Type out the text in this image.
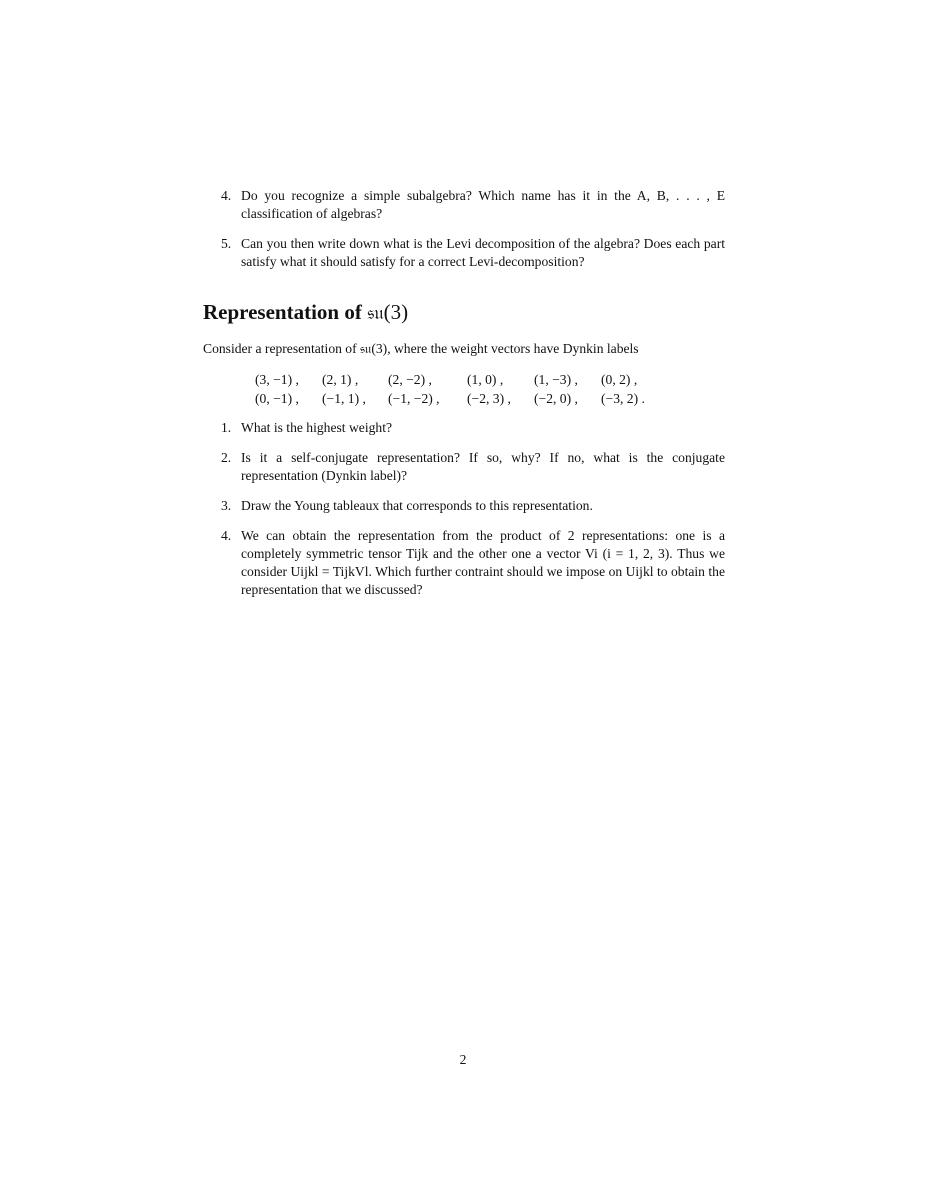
4. Do you recognize a simple subalgebra? Which name has it in the A, B, . . . , E classification of algebras?
5. Can you then write down what is the Levi decomposition of the algebra? Does each part satisfy what it should satisfy for a correct Levi-decomposition?
Representation of 𝔰𝔲(3)

Consider a representation of 𝔰𝔲(3), where the weight vectors have Dynkin labels

(3, −1) , (2, 1) , (2, −2) ,	(1, 0) , (1, −3) , (0, 2) ,
(0, −1) , (−1, 1) , (−1, −2) , (−2, 3) , (−2, 0) , (−3, 2) .
1. What is the highest weight?
2. Is it a self-conjugate representation? If so, why? If no, what is the conjugate representation (Dynkin label)?
3. Draw the Young tableaux that corresponds to this representation.
4. We can obtain the representation from the product of 2 representations: one is a completely symmetric tensor Tijk and the other one a vector Vi (i = 1, 2, 3). Thus we consider Uijkl = TijkVl. Which further contraint should we impose on Uijkl to obtain the representation that we discussed?
2
